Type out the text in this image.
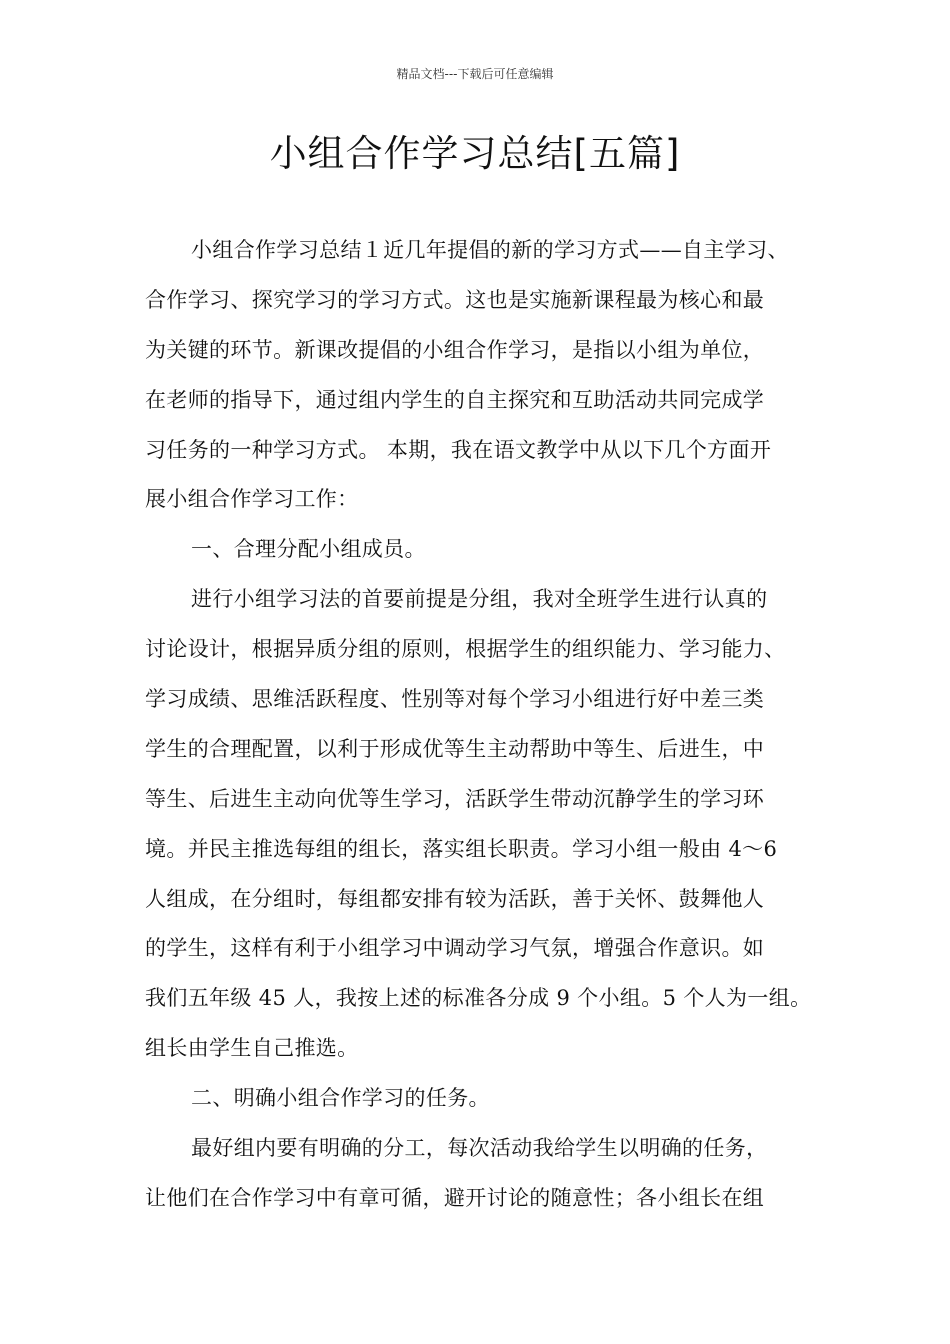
精品文档---下载后可任意编辑
小组合作学习总结[五篇]
小组合作学习总结１近几年提倡的新的学习方式——自主学习、
合作学习、探究学习的学习方式。这也是实施新课程最为核心和最
为关键的环节。新课改提倡的小组合作学习，是指以小组为单位，
在老师的指导下，通过组内学生的自主探究和互助活动共同完成学
习任务的一种学习方式。 本期，我在语文教学中从以下几个方面开
展小组合作学习工作：
一、合理分配小组成员。
进行小组学习法的首要前提是分组，我对全班学生进行认真的
讨论设计，根据异质分组的原则，根据学生的组织能力、学习能力、
学习成绩、思维活跃程度、性别等对每个学习小组进行好中差三类
学生的合理配置，以利于形成优等生主动帮助中等生、后进生，中
等生、后进生主动向优等生学习，活跃学生带动沉静学生的学习环
境。并民主推选每组的组长，落实组长职责。学习小组一般由 4～6
人组成，在分组时，每组都安排有较为活跃，善于关怀、鼓舞他人
的学生，这样有利于小组学习中调动学习气氛，增强合作意识。如
我们五年级 45 人，我按上述的标准各分成 9 个小组。5 个人为一组。
组长由学生自己推选。
二、明确小组合作学习的任务。
最好组内要有明确的分工，每次活动我给学生以明确的任务，
让他们在合作学习中有章可循，避开讨论的随意性；各小组长在组
